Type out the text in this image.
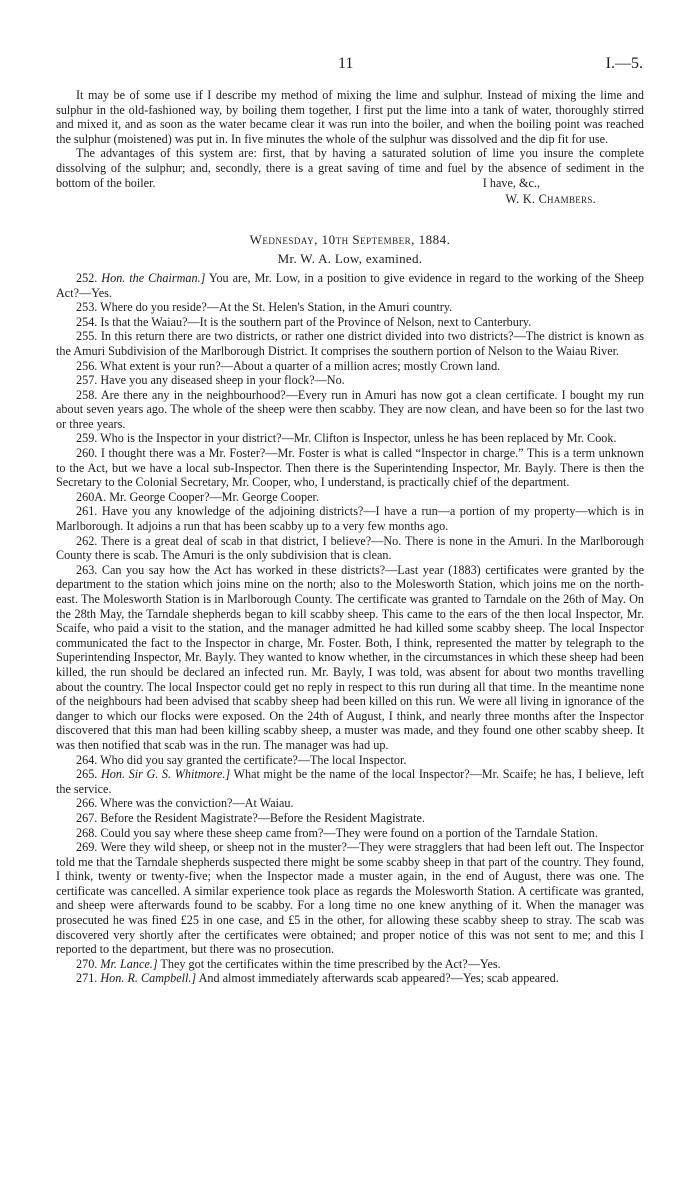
11	I.—5.

It may be of some use if I describe my method of mixing the lime and sulphur. Instead of mixing the lime and sulphur in the old-fashioned way, by boiling them together, I first put the lime into a tank of water, thoroughly stirred and mixed it, and as soon as the water became clear it was run into the boiler, and when the boiling point was reached the sulphur (moistened) was put in. In five minutes the whole of the sulphur was dissolved and the dip fit for use.

The advantages of this system are: first, that by having a saturated solution of lime you insure the complete dissolving of the sulphur; and, secondly, there is a great saving of time and fuel by the absence of sediment in the bottom of the boiler.	I have, &c.,

W. K. Chambers.

Wednesday, 10th September, 1884.

Mr. W. A. Low, examined.

252. Hon. the Chairman.] You are, Mr. Low, in a position to give evidence in regard to the working of the Sheep Act?—Yes.

253. Where do you reside?—At the St. Helen's Station, in the Amuri country.

254. Is that the Waiau?—It is the southern part of the Province of Nelson, next to Canterbury.

255. In this return there are two districts, or rather one district divided into two districts?—The district is known as the Amuri Subdivision of the Marlborough District. It comprises the southern portion of Nelson to the Waiau River.

256. What extent is your run?—About a quarter of a million acres; mostly Crown land.

257. Have you any diseased sheep in your flock?—No.

258. Are there any in the neighbourhood?—Every run in Amuri has now got a clean certificate. I bought my run about seven years ago. The whole of the sheep were then scabby. They are now clean, and have been so for the last two or three years.

259. Who is the Inspector in your district?—Mr. Clifton is Inspector, unless he has been replaced by Mr. Cook.

260. I thought there was a Mr. Foster?—Mr. Foster is what is called “Inspector in charge.” This is a term unknown to the Act, but we have a local sub-Inspector. Then there is the Superintending Inspector, Mr. Bayly. There is then the Secretary to the Colonial Secretary, Mr. Cooper, who, I understand, is practically chief of the department.

260A. Mr. George Cooper?—Mr. George Cooper.

261. Have you any knowledge of the adjoining districts?—I have a run—a portion of my property—which is in Marlborough. It adjoins a run that has been scabby up to a very few months ago.

262. There is a great deal of scab in that district, I believe?—No. There is none in the Amuri. In the Marlborough County there is scab. The Amuri is the only subdivision that is clean.

263. Can you say how the Act has worked in these districts?—Last year (1883) certificates were granted by the department to the station which joins mine on the north; also to the Molesworth Station, which joins me on the north-east. The Molesworth Station is in Marlborough County. The certificate was granted to Tarndale on the 26th of May. On the 28th May, the Tarndale shepherds began to kill scabby sheep. This came to the ears of the then local Inspector, Mr. Scaife, who paid a visit to the station, and the manager admitted he had killed some scabby sheep. The local Inspector communicated the fact to the Inspector in charge, Mr. Foster. Both, I think, represented the matter by telegraph to the Superintending Inspector, Mr. Bayly. They wanted to know whether, in the circumstances in which these sheep had been killed, the run should be declared an infected run. Mr. Bayly, I was told, was absent for about two months travelling about the country. The local Inspector could get no reply in respect to this run during all that time. In the meantime none of the neighbours had been advised that scabby sheep had been killed on this run. We were all living in ignorance of the danger to which our flocks were exposed. On the 24th of August, I think, and nearly three months after the Inspector discovered that this man had been killing scabby sheep, a muster was made, and they found one other scabby sheep. It was then notified that scab was in the run. The manager was had up.

264. Who did you say granted the certificate?—The local Inspector.

265. Hon. Sir G. S. Whitmore.] What might be the name of the local Inspector?—Mr. Scaife; he has, I believe, left the service.

266. Where was the conviction?—At Waiau.

267. Before the Resident Magistrate?—Before the Resident Magistrate.

268. Could you say where these sheep came from?—They were found on a portion of the Tarndale Station.

269. Were they wild sheep, or sheep not in the muster?—They were stragglers that had been left out. The Inspector told me that the Tarndale shepherds suspected there might be some scabby sheep in that part of the country. They found, I think, twenty or twenty-five; when the Inspector made a muster again, in the end of August, there was one. The certificate was cancelled. A similar experience took place as regards the Molesworth Station. A certificate was granted, and sheep were afterwards found to be scabby. For a long time no one knew anything of it. When the manager was prosecuted he was fined £25 in one case, and £5 in the other, for allowing these scabby sheep to stray. The scab was discovered very shortly after the certificates were obtained; and proper notice of this was not sent to me; and this I reported to the department, but there was no prosecution.

270. Mr. Lance.] They got the certificates within the time prescribed by the Act?—Yes.

271. Hon. R. Campbell.] And almost immediately afterwards scab appeared?—Yes; scab appeared.
